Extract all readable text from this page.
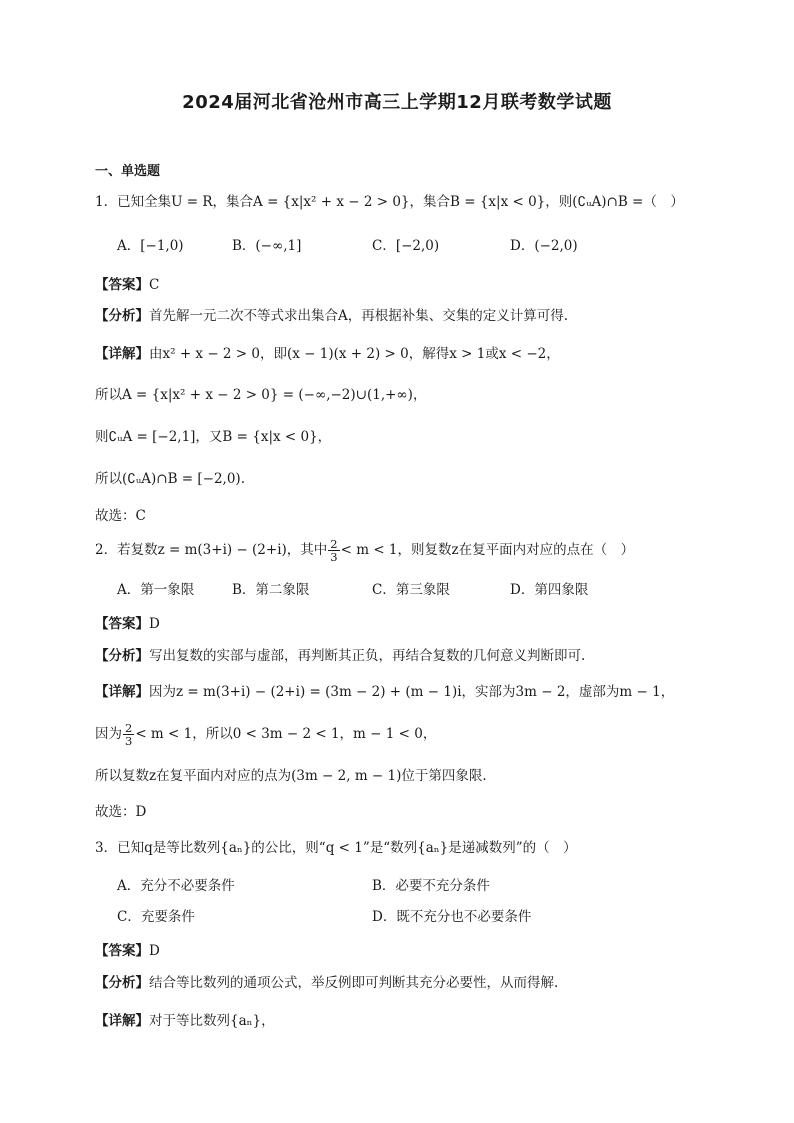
2024届河北省沧州市高三上学期12月联考数学试题
一、单选题
1．已知全集U = R，集合A = {x|x² + x − 2 > 0}，集合B = {x|x < 0}，则(∁ᵤA)∩B =（　）
A．[−1,0)	B．(−∞,1]	C．[−2,0)	D．(−2,0)
【答案】C
【分析】首先解一元二次不等式求出集合A，再根据补集、交集的定义计算可得.
【详解】由x² + x − 2 > 0，即(x − 1)(x + 2) > 0，解得x > 1或x < −2，
所以A = {x|x² + x − 2 > 0} = (−∞,−2)∪(1,+∞)，
则∁ᵤA = [−2,1]，又B = {x|x < 0}，
所以(∁ᵤA)∩B = [−2,0).
故选：C
2．若复数z = m(3+i) − (2+i)，其中 $\frac{2}{3} < m < 1$，则复数z在复平面内对应的点在（　）
A．第一象限	B．第二象限	C．第三象限	D．第四象限
【答案】D
【分析】写出复数的实部与虚部，再判断其正负，再结合复数的几何意义判断即可.
【详解】因为z = m(3+i) − (2+i) = (3m − 2) + (m − 1)i，实部为3m − 2，虚部为m − 1，
因为 $\frac{2}{3} < m < 1$，所以0 < 3m − 2 < 1，m − 1 < 0，
所以复数z在复平面内对应的点为(3m − 2, m − 1)位于第四象限.
故选：D
3．已知q是等比数列{aₙ}的公比，则“q < 1”是“数列{aₙ}是递减数列”的（　）
A．充分不必要条件	B．必要不充分条件
C．充要条件	D．既不充分也不必要条件
【答案】D
【分析】结合等比数列的通项公式，举反例即可判断其充分必要性，从而得解.
【详解】对于等比数列{aₙ}，
